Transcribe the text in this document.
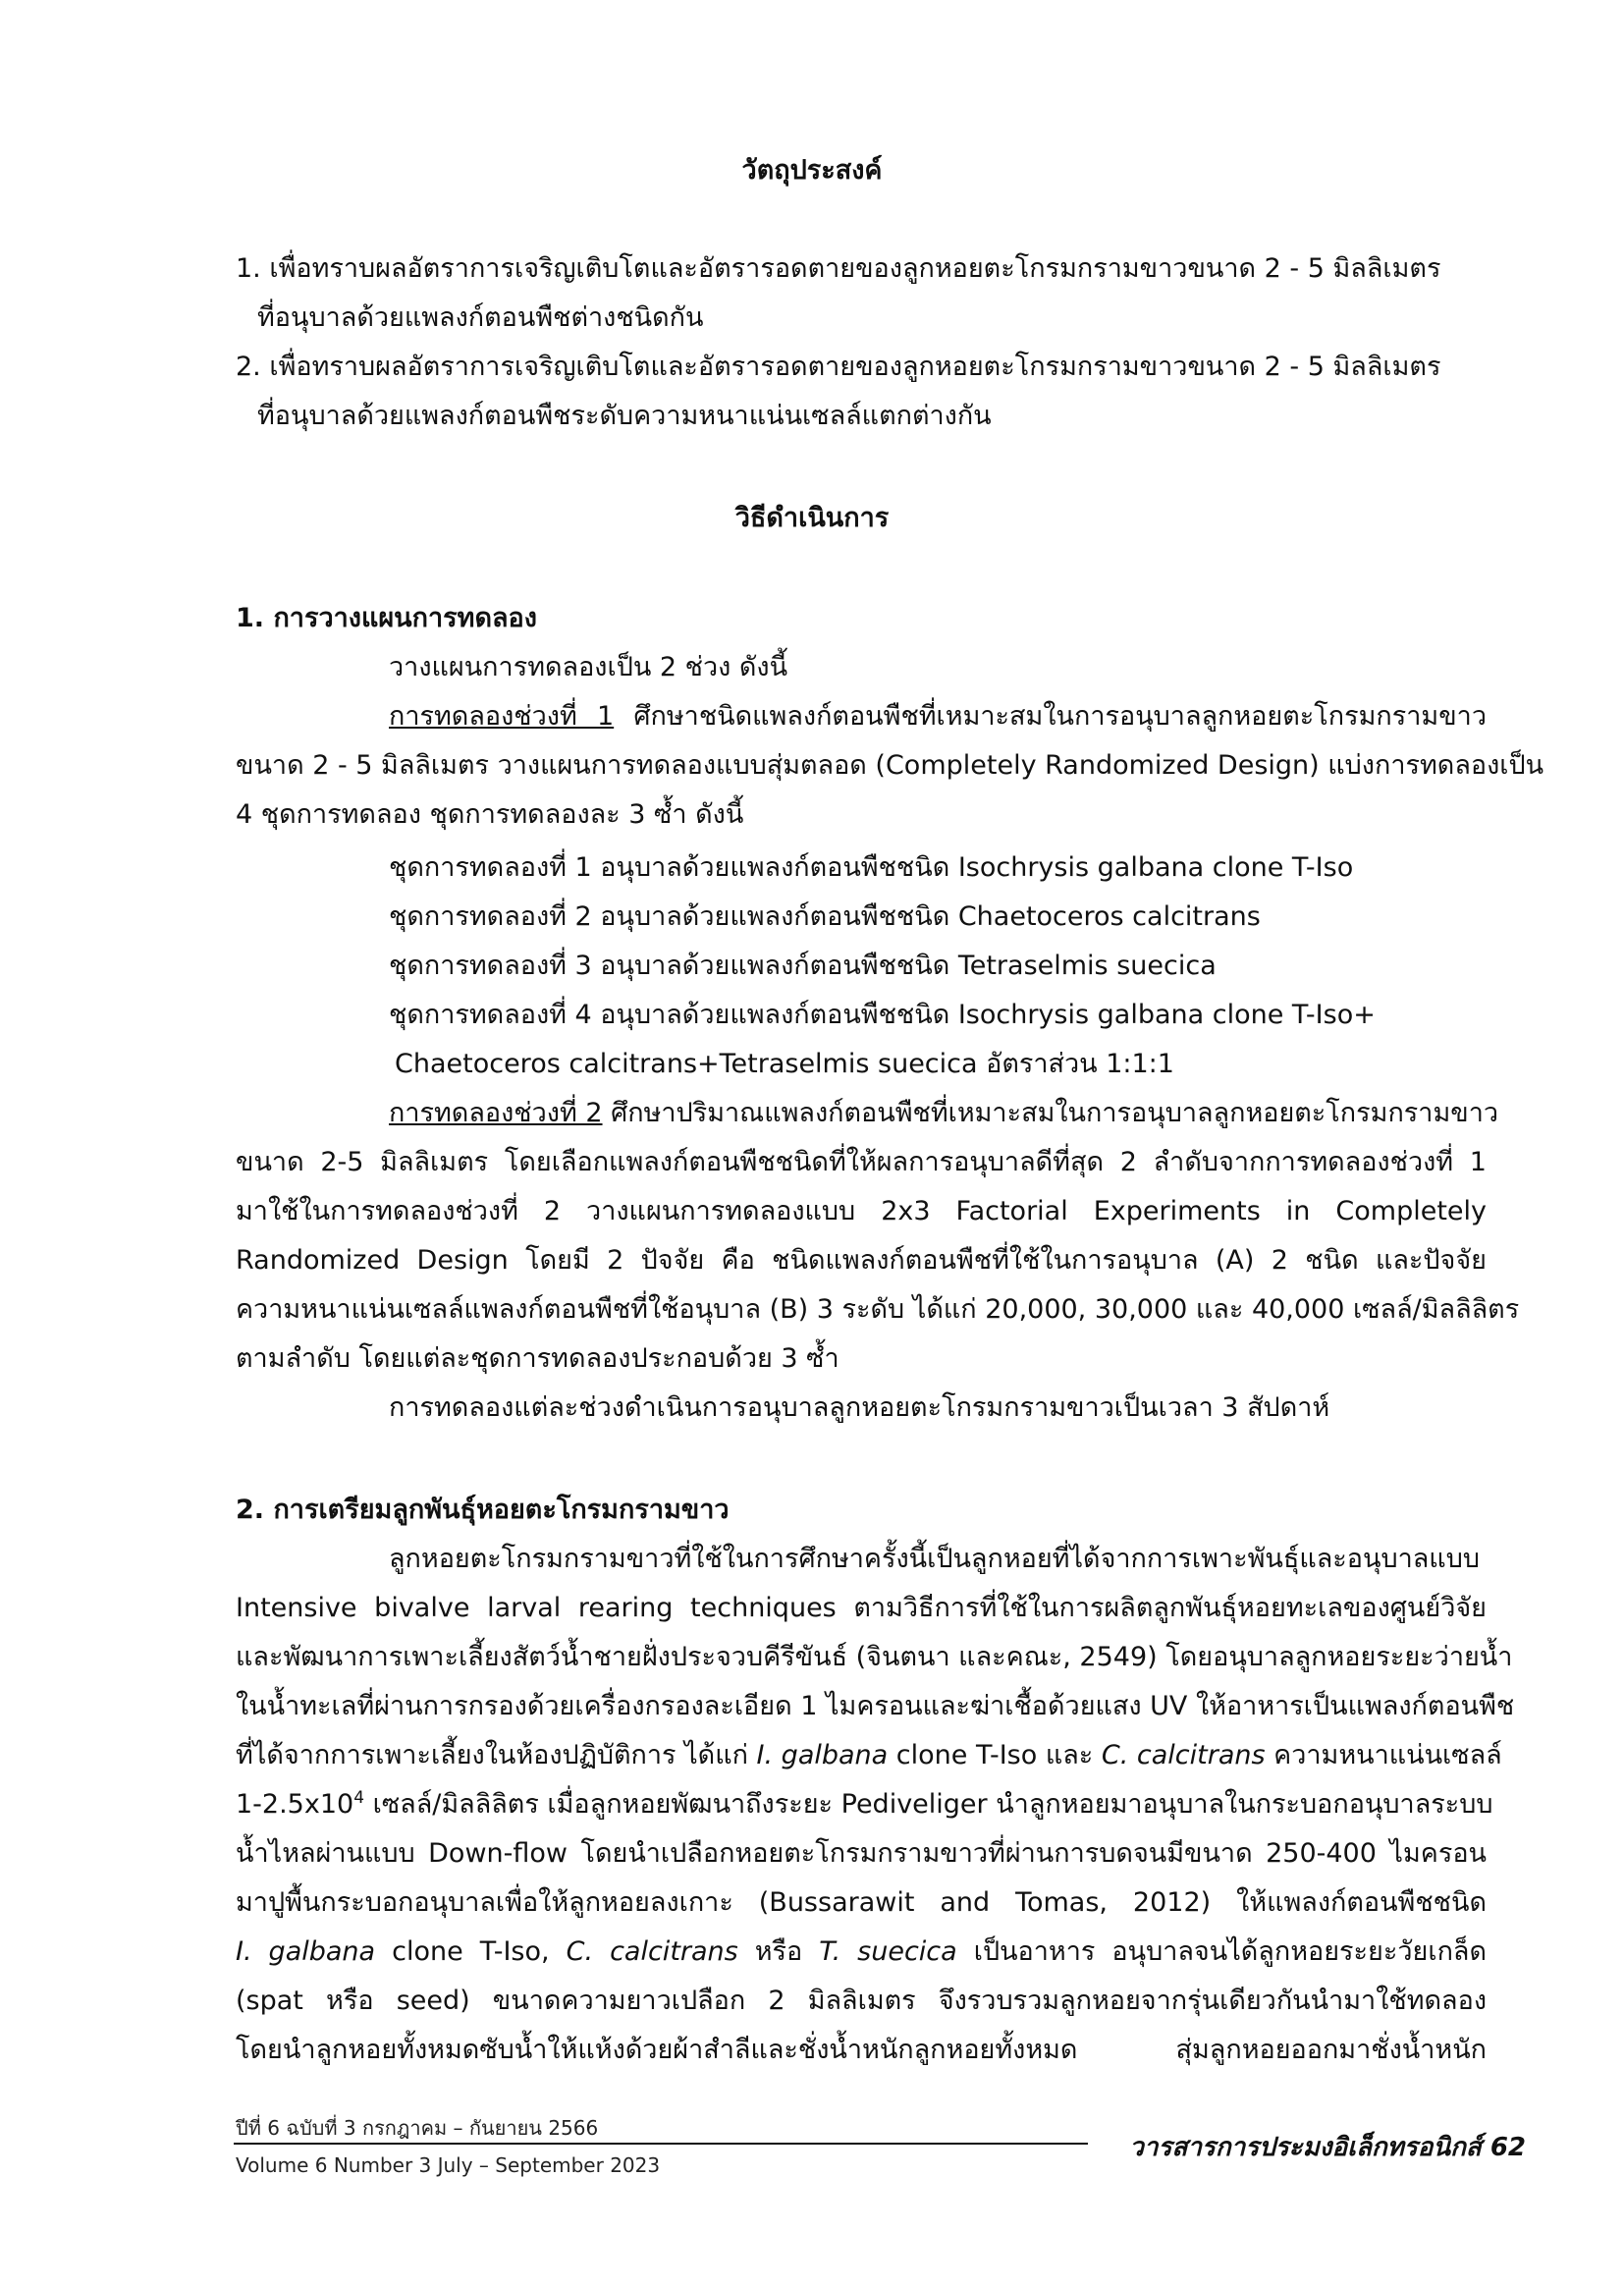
วัตถุประสงค์
1. เพื่อทราบผลอัตราการเจริญเติบโตและอัตรารอดตายของลูกหอยตะโกรมกรามขาวขนาด 2 - 5 มิลลิเมตร
ที่อนุบาลด้วยแพลงก์ตอนพืชต่างชนิดกัน
2. เพื่อทราบผลอัตราการเจริญเติบโตและอัตรารอดตายของลูกหอยตะโกรมกรามขาวขนาด 2 - 5 มิลลิเมตร
ที่อนุบาลด้วยแพลงก์ตอนพืชระดับความหนาแน่นเซลล์แตกต่างกัน
วิธีดำเนินการ
1. การวางแผนการทดลอง
วางแผนการทดลองเป็น 2 ช่วง ดังนี้
การทดลองช่วงที่ 1 ศึกษาชนิดแพลงก์ตอนพืชที่เหมาะสมในการอนุบาลลูกหอยตะโกรมกรามขาว
ขนาด 2 - 5 มิลลิเมตร วางแผนการทดลองแบบสุ่มตลอด (Completely Randomized Design) แบ่งการทดลองเป็น
4 ชุดการทดลอง ชุดการทดลองละ 3 ซ้ำ ดังนี้
ชุดการทดลองที่ 1 อนุบาลด้วยแพลงก์ตอนพืชชนิด Isochrysis galbana clone T-Iso
ชุดการทดลองที่ 2 อนุบาลด้วยแพลงก์ตอนพืชชนิด Chaetoceros calcitrans
ชุดการทดลองที่ 3 อนุบาลด้วยแพลงก์ตอนพืชชนิด Tetraselmis suecica
ชุดการทดลองที่ 4 อนุบาลด้วยแพลงก์ตอนพืชชนิด Isochrysis galbana clone T-Iso+
Chaetoceros calcitrans+Tetraselmis suecica อัตราส่วน 1:1:1
การทดลองช่วงที่ 2 ศึกษาปริมาณแพลงก์ตอนพืชที่เหมาะสมในการอนุบาลลูกหอยตะโกรมกรามขาว
ขนาด 2-5 มิลลิเมตร โดยเลือกแพลงก์ตอนพืชชนิดที่ให้ผลการอนุบาลดีที่สุด 2 ลำดับจากการทดลองช่วงที่ 1
มาใช้ในการทดลองช่วงที่ 2 วางแผนการทดลองแบบ 2x3 Factorial Experiments in Completely
Randomized Design โดยมี 2 ปัจจัย คือ ชนิดแพลงก์ตอนพืชที่ใช้ในการอนุบาล (A) 2 ชนิด และปัจจัย
ความหนาแน่นเซลล์แพลงก์ตอนพืชที่ใช้อนุบาล (B) 3 ระดับ ได้แก่ 20,000, 30,000 และ 40,000 เซลล์/มิลลิลิตร
ตามลำดับ โดยแต่ละชุดการทดลองประกอบด้วย 3 ซ้ำ
การทดลองแต่ละช่วงดำเนินการอนุบาลลูกหอยตะโกรมกรามขาวเป็นเวลา 3 สัปดาห์
2. การเตรียมลูกพันธุ์หอยตะโกรมกรามขาว
ลูกหอยตะโกรมกรามขาวที่ใช้ในการศึกษาครั้งนี้เป็นลูกหอยที่ได้จากการเพาะพันธุ์และอนุบาลแบบ
Intensive bivalve larval rearing techniques ตามวิธีการที่ใช้ในการผลิตลูกพันธุ์หอยทะเลของศูนย์วิจัย
และพัฒนาการเพาะเลี้ยงสัตว์น้ำชายฝั่งประจวบคีรีขันธ์ (จินตนา และคณะ, 2549) โดยอนุบาลลูกหอยระยะว่ายน้ำ
ในน้ำทะเลที่ผ่านการกรองด้วยเครื่องกรองละเอียด 1 ไมครอนและฆ่าเชื้อด้วยแสง UV ให้อาหารเป็นแพลงก์ตอนพืช
ที่ได้จากการเพาะเลี้ยงในห้องปฏิบัติการ ได้แก่ I. galbana clone T-Iso และ C. calcitrans ความหนาแน่นเซลล์
$1-2.5x10^4$ เซลล์/มิลลิลิตร เมื่อลูกหอยพัฒนาถึงระยะ Pediveliger นำลูกหอยมาอนุบาลในกระบอกอนุบาลระบบ
น้ำไหลผ่านแบบ Down-flow โดยนำเปลือกหอยตะโกรมกรามขาวที่ผ่านการบดจนมีขนาด 250-400 ไมครอน
มาปูพื้นกระบอกอนุบาลเพื่อให้ลูกหอยลงเกาะ (Bussarawit and Tomas, 2012) ให้แพลงก์ตอนพืชชนิด
I. galbana clone T-Iso, C. calcitrans หรือ T. suecica เป็นอาหาร อนุบาลจนได้ลูกหอยระยะวัยเกล็ด
(spat หรือ seed) ขนาดความยาวเปลือก 2 มิลลิเมตร จึงรวบรวมลูกหอยจากรุ่นเดียวกันนำมาใช้ทดลอง
โดยนำลูกหอยทั้งหมดซับน้ำให้แห้งด้วยผ้าสำลีและชั่งน้ำหนักลูกหอยทั้งหมด สุ่มลูกหอยออกมาชั่งน้ำหนัก
ปีที่ 6 ฉบับที่ 3 กรกฎาคม – กันยายน 2566
Volume 6 Number 3 July – September 2023
วารสารการประมงอิเล็กทรอนิกส์ 62
